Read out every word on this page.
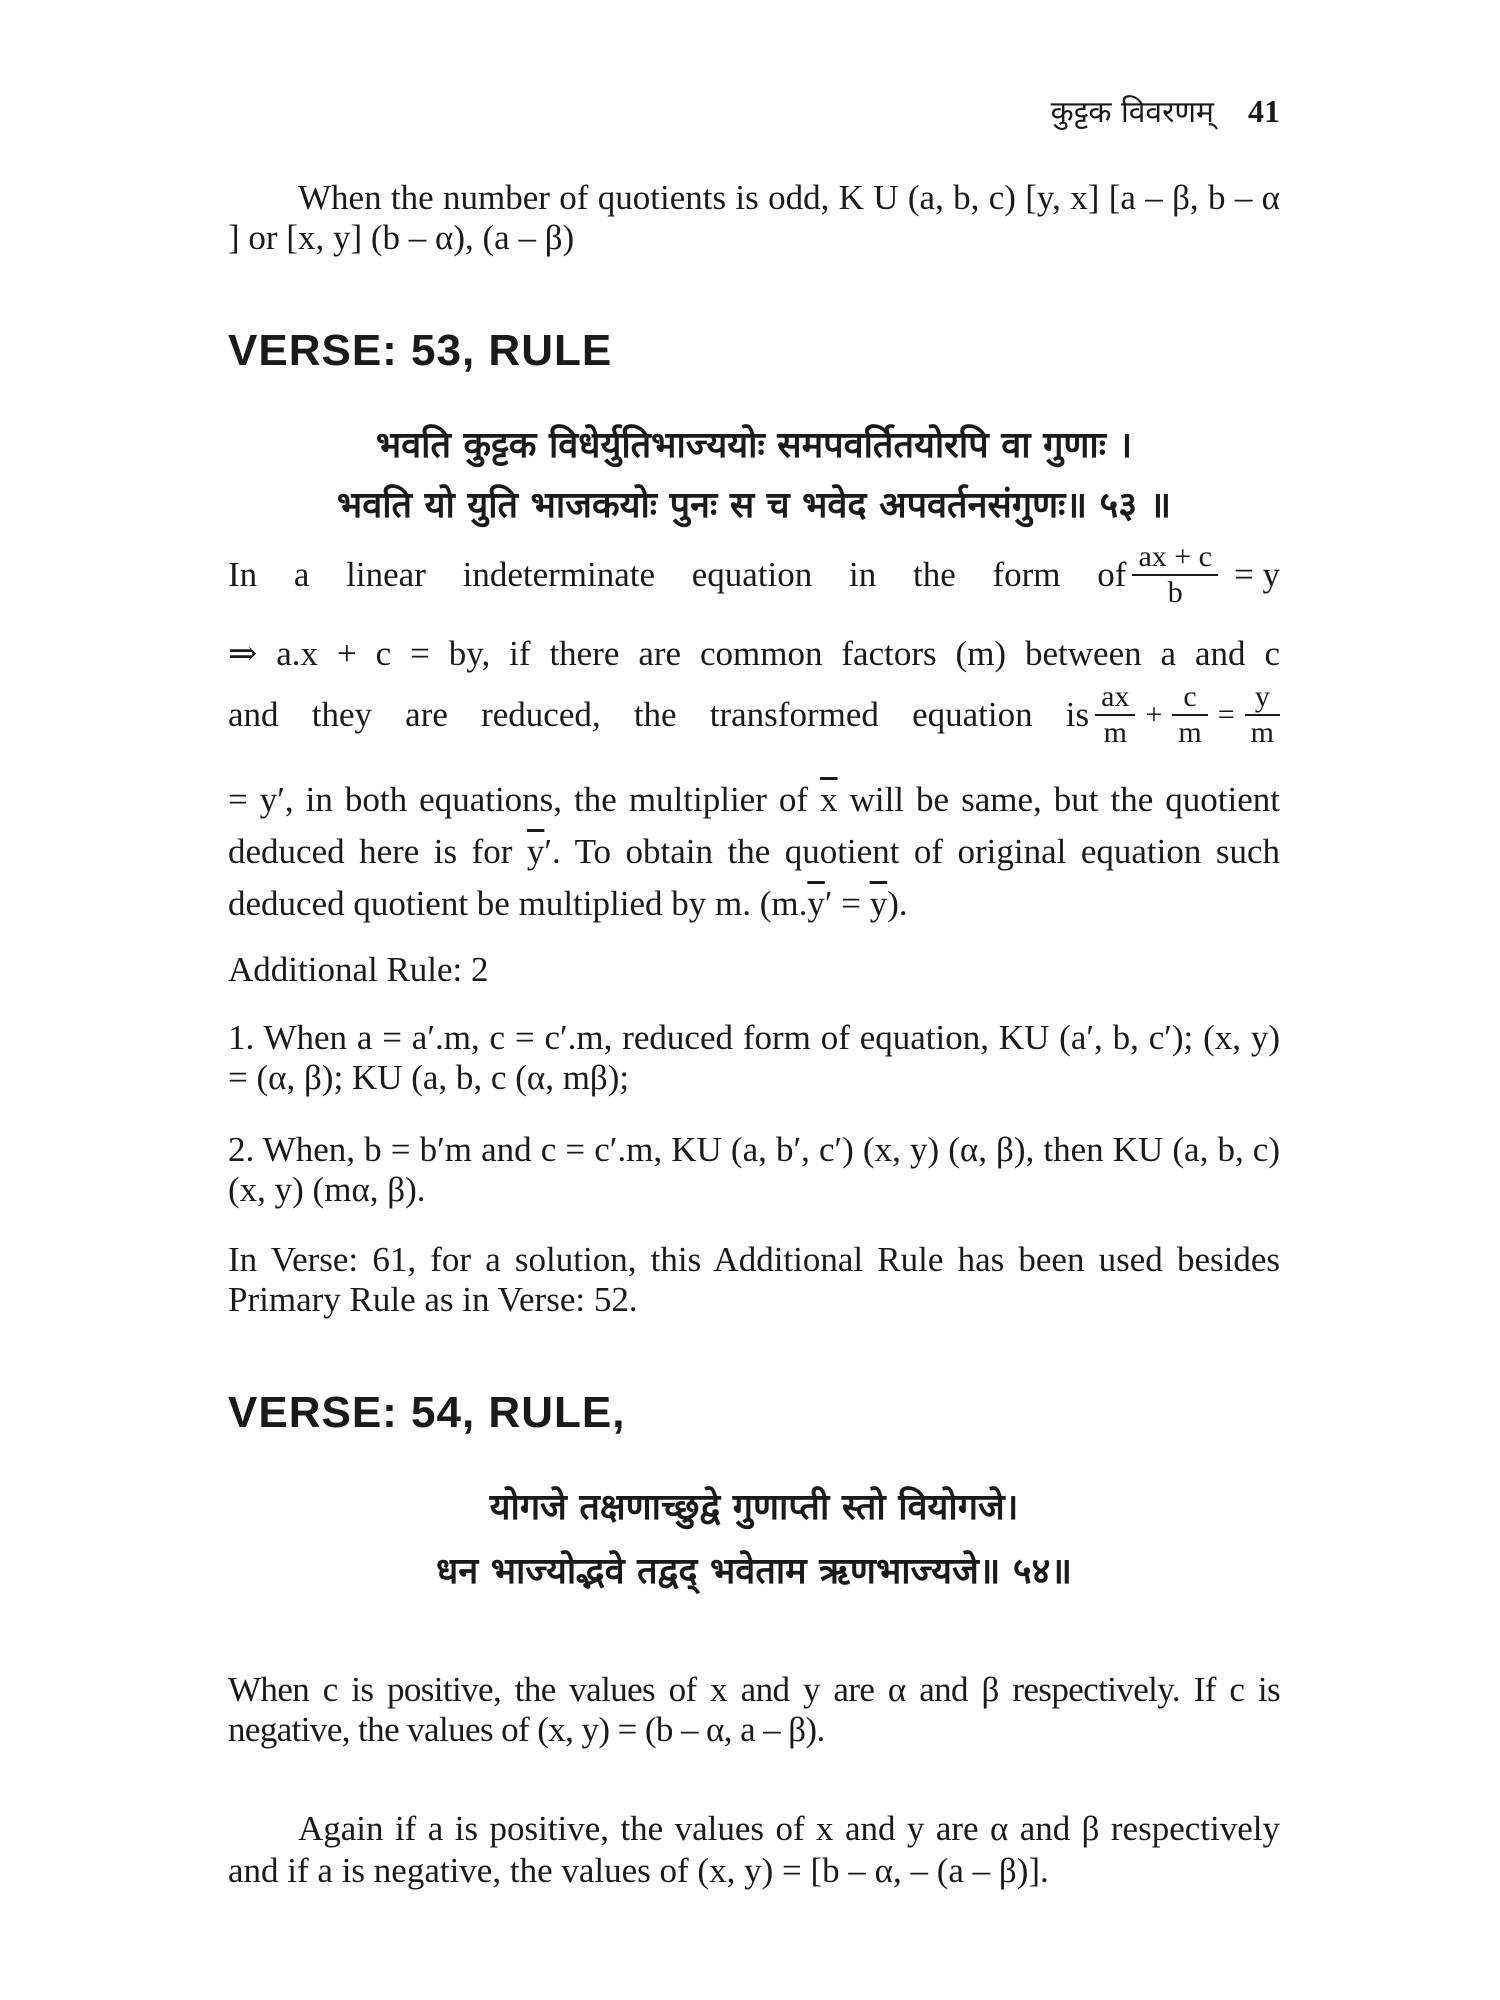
कुट्टक विवरणम् 41

When the number of quotients is odd, K U (a, b, c) [y, x] [a – β, b – α ] or [x, y] (b – α), (a – β)

VERSE: 53, RULE
भवति कुट्टक विधेर्युतिभाज्ययोः समपवर्तितयोरपि वा गुणाः ।
भवति यो युति भाजकयोः पुनः स च भवेद अपवर्तनसंगुणः॥ ५३ ॥

In a linear indeterminate equation in the form of $\frac{ax + c}{b} = y$

⇒ a.x + c = by, if there are common factors (m) between a and c

and they are reduced, the transformed equation is $\frac{ax}{m} + \frac{c}{m} = \frac{y}{m}$

= y′, in both equations, the multiplier of $\overline{x}$ will be same, but the quotient deduced here is for $\overline{y}'$. To obtain the quotient of original equation such deduced quotient be multiplied by m. $(m.\overline{y}' = \overline{y})$.

Additional Rule: 2

1. When a = a′.m, c = c′.m, reduced form of equation, KU (a′, b, c′); (x, y) = (α, β); KU (a, b, c (α, mβ);

2. When, b = b′m and c = c′.m, KU (a, b′, c′) (x, y) (α, β), then KU (a, b, c) (x, y) (mα, β).

In Verse: 61, for a solution, this Additional Rule has been used besides Primary Rule as in Verse: 52.

VERSE: 54, RULE,
योगजे तक्षणाच्छुद्वे गुणाप्ती स्तो वियोगजे।
धन भाज्योद्भवे तद्वद् भवेताम ऋणभाज्यजे॥ ५४॥

When c is positive, the values of x and y are α and β respectively. If c is negative, the values of (x, y) = (b – α, a – β).

Again if a is positive, the values of x and y are α and β respectively and if a is negative, the values of (x, y) = [b – α, – (a – β)].
